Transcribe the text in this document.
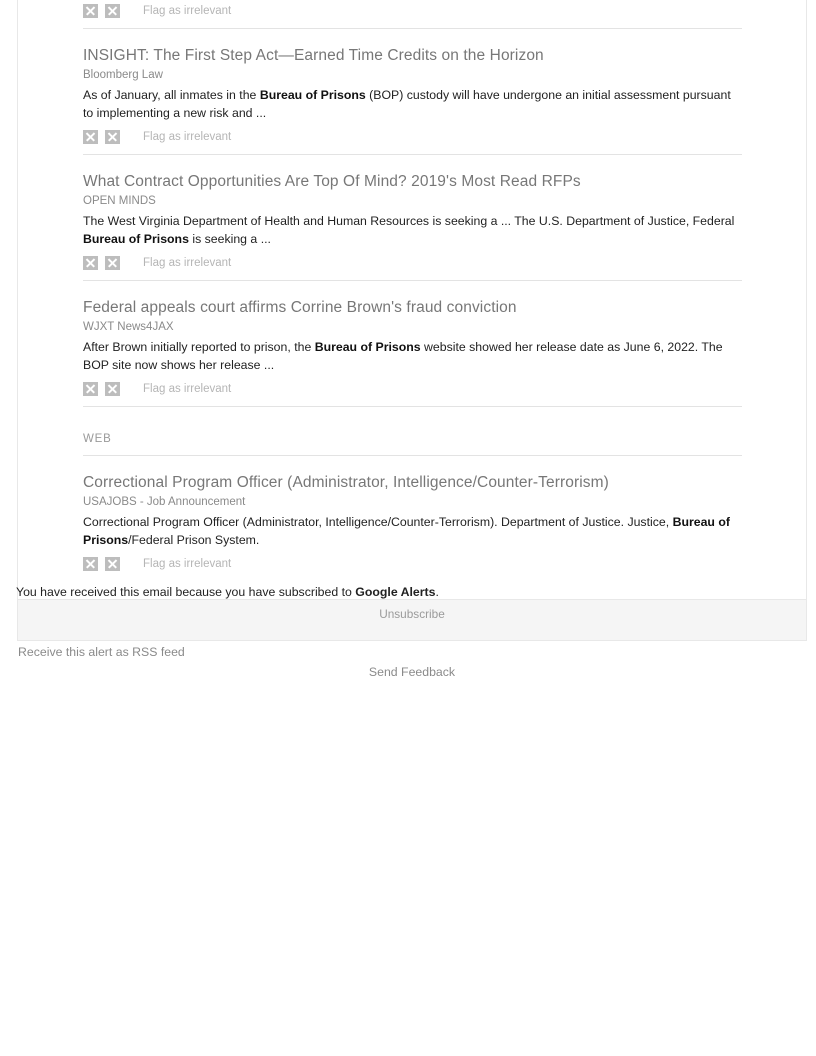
Flag as irrelevant
INSIGHT: The First Step Act—Earned Time Credits on the Horizon
Bloomberg Law
As of January, all inmates in the Bureau of Prisons (BOP) custody will have undergone an initial assessment pursuant to implementing a new risk and ...
Flag as irrelevant
What Contract Opportunities Are Top Of Mind? 2019's Most Read RFPs
OPEN MINDS
The West Virginia Department of Health and Human Resources is seeking a ... The U.S. Department of Justice, Federal Bureau of Prisons is seeking a ...
Flag as irrelevant
Federal appeals court affirms Corrine Brown's fraud conviction
WJXT News4JAX
After Brown initially reported to prison, the Bureau of Prisons website showed her release date as June 6, 2022. The BOP site now shows her release ...
Flag as irrelevant
WEB
Correctional Program Officer (Administrator, Intelligence/Counter-Terrorism)
USAJOBS - Job Announcement
Correctional Program Officer (Administrator, Intelligence/Counter-Terrorism). Department of Justice. Justice, Bureau of Prisons/Federal Prison System.
Flag as irrelevant
You have received this email because you have subscribed to Google Alerts.
Unsubscribe
Receive this alert as RSS feed
Send Feedback
